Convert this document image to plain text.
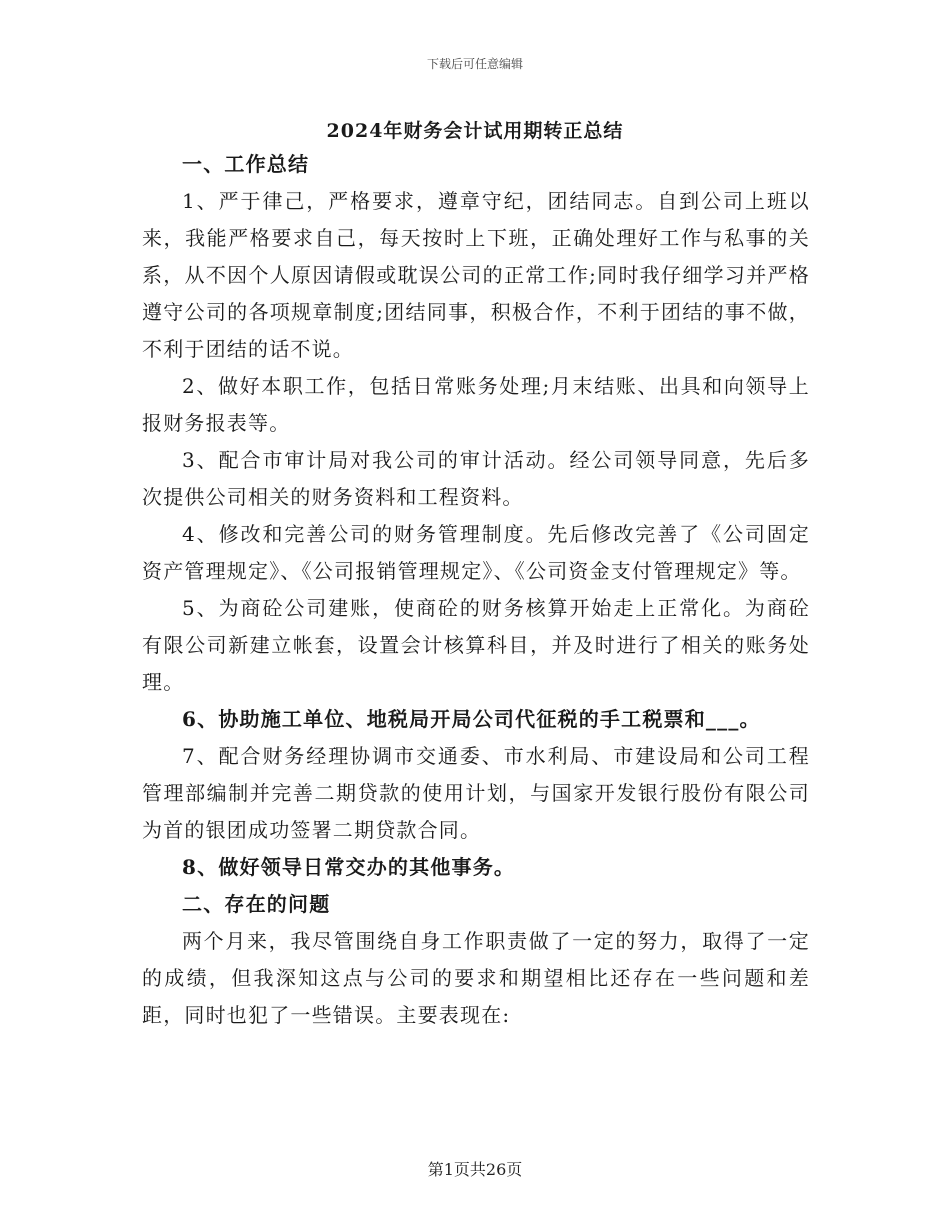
下载后可任意编辑
2024年财务会计试用期转正总结

一、工作总结

1、严于律己，严格要求，遵章守纪，团结同志。自到公司上班以来，我能严格要求自己，每天按时上下班，正确处理好工作与私事的关系，从不因个人原因请假或耽误公司的正常工作;同时我仔细学习并严格遵守公司的各项规章制度;团结同事，积极合作，不利于团结的事不做，不利于团结的话不说。

2、做好本职工作，包括日常账务处理;月末结账、出具和向领导上报财务报表等。

3、配合市审计局对我公司的审计活动。经公司领导同意，先后多次提供公司相关的财务资料和工程资料。

4、修改和完善公司的财务管理制度。先后修改完善了《公司固定资产管理规定》、《公司报销管理规定》、《公司资金支付管理规定》等。

5、为商砼公司建账，使商砼的财务核算开始走上正常化。为商砼有限公司新建立帐套，设置会计核算科目，并及时进行了相关的账务处理。

6、协助施工单位、地税局开局公司代征税的手工税票和___。

7、配合财务经理协调市交通委、市水利局、市建设局和公司工程管理部编制并完善二期贷款的使用计划，与国家开发银行股份有限公司为首的银团成功签署二期贷款合同。

8、做好领导日常交办的其他事务。

二、存在的问题

两个月来，我尽管围绕自身工作职责做了一定的努力，取得了一定的成绩，但我深知这点与公司的要求和期望相比还存在一些问题和差距，同时也犯了一些错误。主要表现在:

第1页共26页
